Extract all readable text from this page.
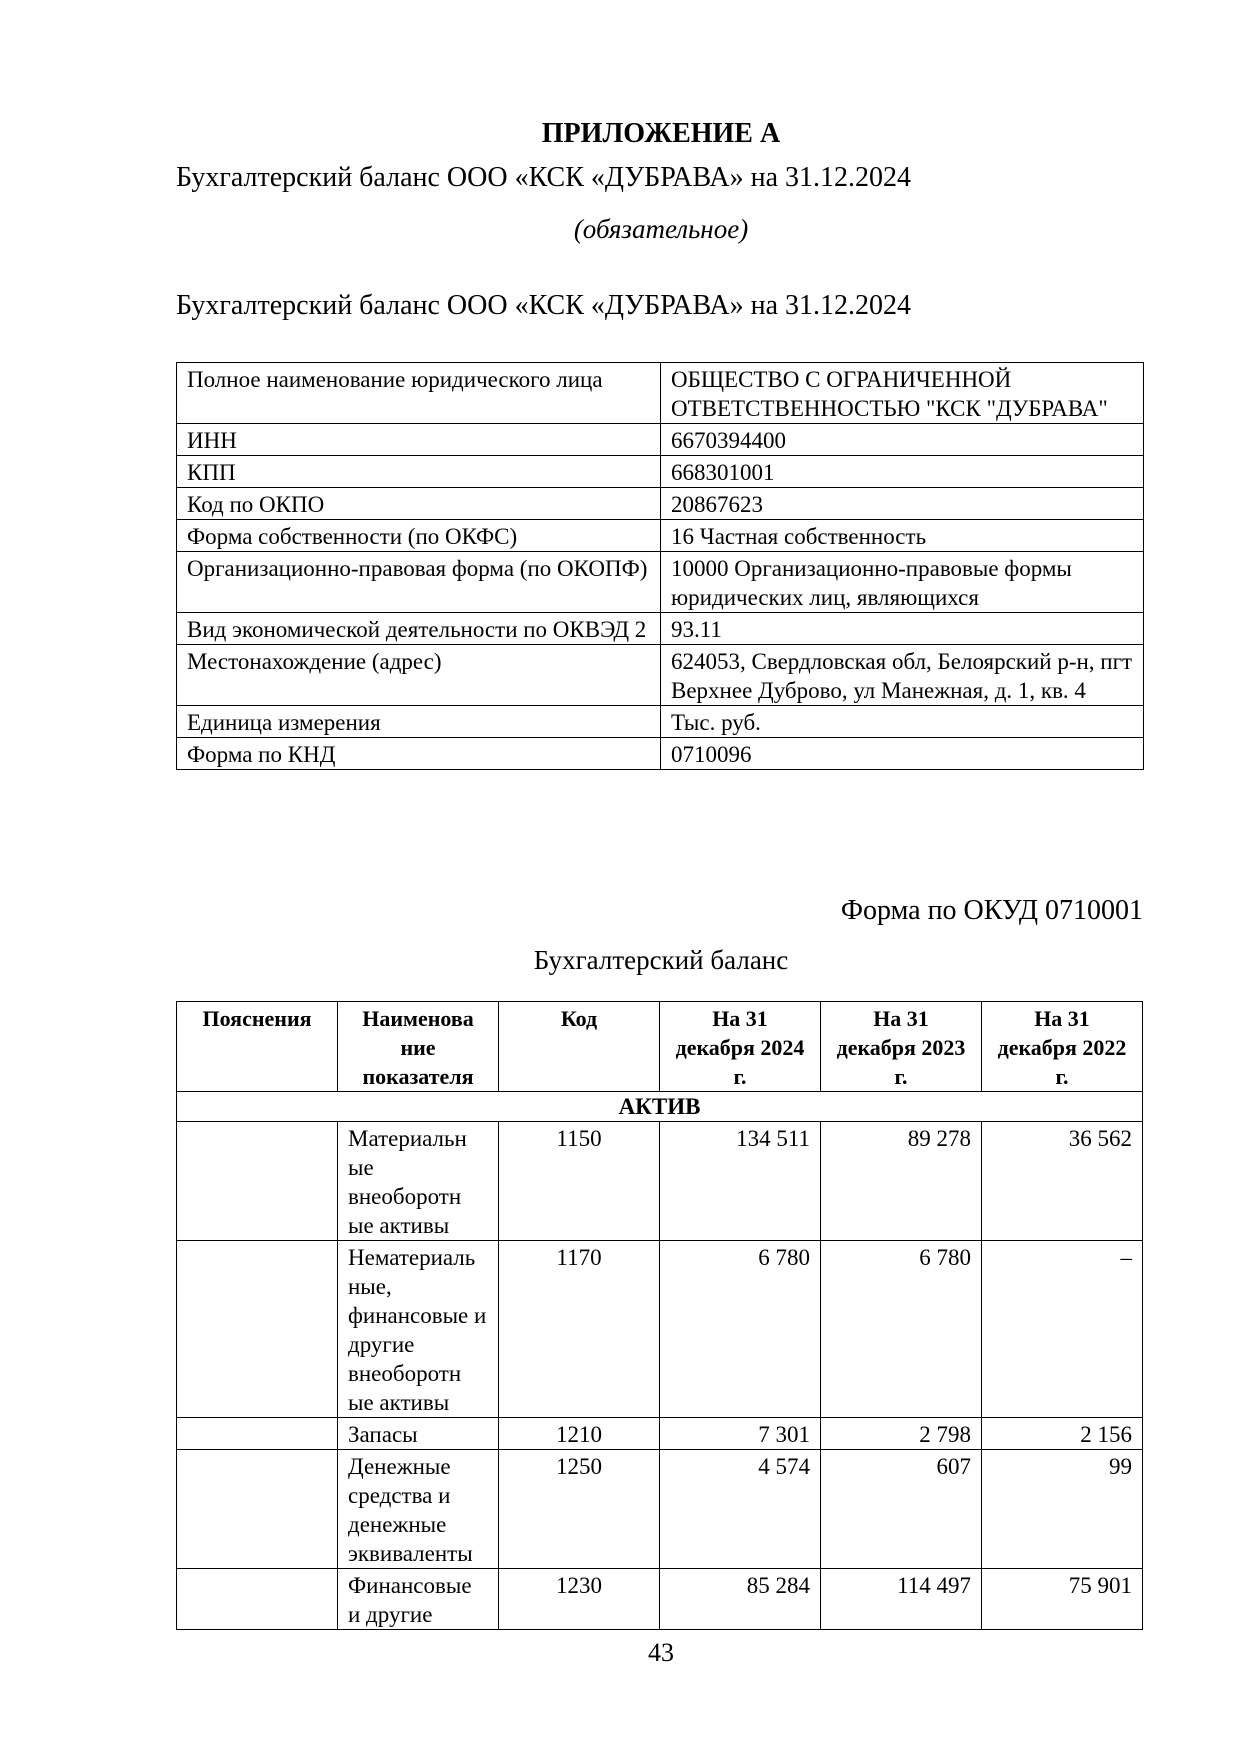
ПРИЛОЖЕНИЕ А
Бухгалтерский баланс ООО «КСК «ДУБРАВА» на 31.12.2024
(обязательное)
Бухгалтерский баланс ООО «КСК «ДУБРАВА» на 31.12.2024
Полное наименование юридического лица	ОБЩЕСТВО С ОГРАНИЧЕННОЙ ОТВЕТСТВЕННОСТЬЮ "КСК "ДУБРАВА"
ИНН	6670394400
КПП	668301001
Код по ОКПО	20867623
Форма собственности (по ОКФС)	16 Частная собственность
Организационно-правовая форма (по ОКОПФ)	10000 Организационно-правовые формы юридических лиц, являющихся
Вид экономической деятельности по ОКВЭД 2	93.11
Местонахождение (адрес)	624053, Свердловская обл, Белоярский р-н, пгт Верхнее Дуброво, ул Манежная, д. 1, кв. 4
Единица измерения	Тыс. руб.
Форма по КНД	0710096
Форма по ОКУД 0710001
Бухгалтерский баланс
Пояснения	Наименова ние показателя	Код	На 31 декабря 2024 г.	На 31 декабря 2023 г.	На 31 декабря 2022 г.
АКТИВ					
	Материальн ые внеоборотн ые активы	1150	134 511	89 278	36 562
	Нематериаль ные, финансовые и другие внеоборотн ые активы	1170	6 780	6 780	–
	Запасы	1210	7 301	2 798	2 156
	Денежные средства и денежные эквиваленты	1250	4 574	607	99
	Финансовые и другие	1230	85 284	114 497	75 901
43
